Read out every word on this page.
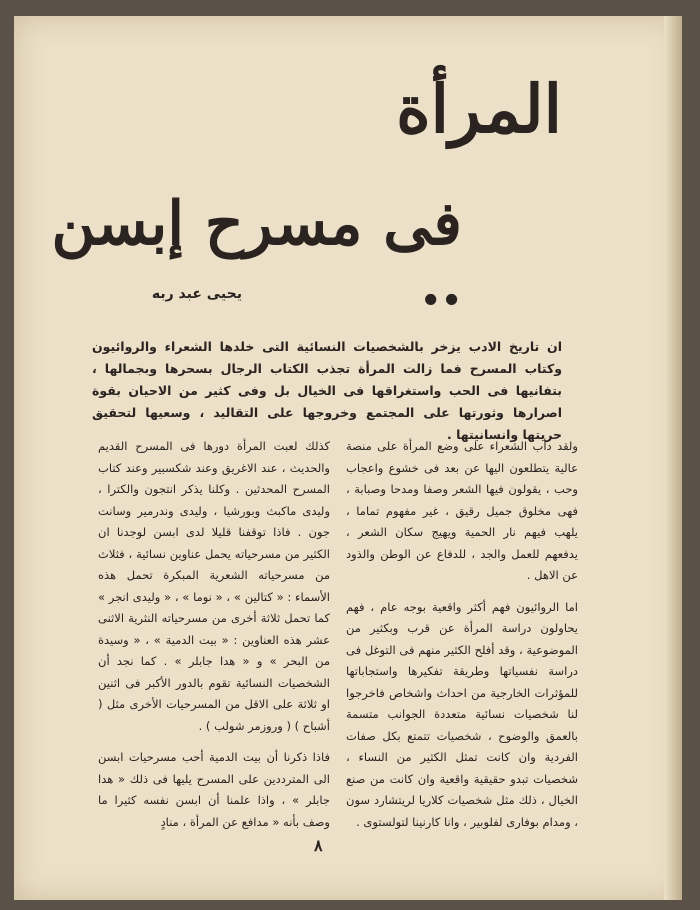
المرأة
فى مسرح إبسن ..
يحيى عبد ربه

ان تاريخ الادب يزخر بالشخصيات النسائية التى خلدها الشعراء والروائيون وكتاب المسرح فما زالت المرأة تجذب الكتاب الرجال بسحرها وبجمالها ، بتفانيها فى الحب واستغراقها فى الخيال بل وفى كثير من الاحيان بقوة اصرارها وثورتها على المجتمع وخروجها على التقاليد ، وسعيها لتحقيق حريتها وانسانيتها .

ولقد دأب الشعراء على وضع المرأة على منصة عالية يتطلعون اليها عن بعد فى خشوع واعجاب وحب ، يقولون فيها الشعر وصفا ومدحا وصبابة ، فهى مخلوق جميل رقيق ، غير مفهوم تماما ، يلهب فيهم نار الحمية ويهيج سكان الشعر ، يدفعهم للعمل والجد ، للدفاع عن الوطن والذود عن الاهل .

اما الروائيون فهم أكثر واقعية بوجه عام ، فهم يحاولون دراسة المرأة عن قرب وبكثير من الموضوعية ، وقد أفلح الكثير منهم فى التوغل فى دراسة نفسياتها وطريقة تفكيرها واستجاباتها للمؤثرات الخارجية من احداث واشخاص فاخرجوا لنا شخصيات نسائية متعددة الجوانب متسمة بالعمق والوضوح ، شخصيات تتمتع بكل صفات الفردية وان كانت تمثل الكثير من النساء ، شخصيات تبدو حقيقية واقعية وان كانت من صنع الخيال ، ذلك مثل شخصيات كلاريا لريتشارد سون ، ومدام بوفارى لفلوبير ، وانا كارنينا لتولستوى .

كذلك لعبت المرأة دورها فى المسرح القديم والحديث ، عند الاغريق وعند شكسبير وعند كتاب المسرح المحدثين . وكلنا يذكر انتجون والكترا ، وليدى ماكبث وبورشيا ، وليدى وندرمير وسانت جون . فاذا توقفنا قليلا لدى ابسن لوجدنا ان الكثير من مسرحياته يحمل عناوين نسائية ، فثلاث من مسرحياته الشعرية المبكرة تحمل هذه الأسماء : « كتالين » ، « نوما » ، « وليدى انجر » كما تحمل ثلاثة أخرى من مسرحياته النثرية الاثنى عشر هذه العناوين : « بيت الدمية » ، « وسيدة من البحر » و « هدا جابلر » . كما نجد أن الشخصيات النسائية تقوم بالدور الأكبر فى اثنين او ثلاثة على الاقل من المسرحيات الأخرى مثل ( أشباح ) ( وروزمر شولب ) .

فاذا ذكرنا أن بيت الدمية أحب مسرحيات ابسن الى المترددين على المسرح يليها فى ذلك « هدا جابلر » ، واذا علمنا أن ابسن نفسه كثيرا ما وصف بأنه « مدافع عن المرأة ، منادٍ

٨
